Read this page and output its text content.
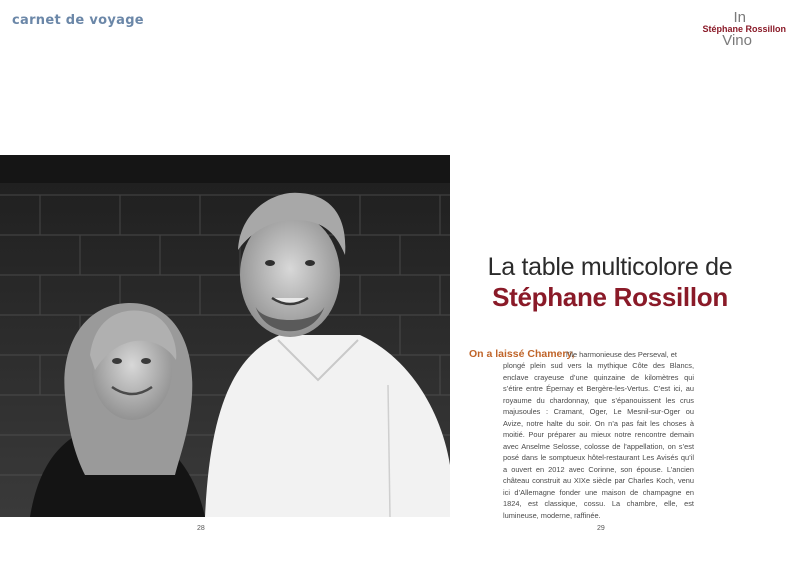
carnet de voyage	In
Stéphane Rossillon
Vino
28	29
La table multicolore de
Stéphane Rossillon
On a laissé Chamery,

l’île harmonieuse des Perseval, et

plongé plein sud vers la mythique Côte des Blancs, enclave crayeuse d’une quinzaine de kilomètres qui s’étire entre Épernay et Bergère-les-Vertus. C’est ici, au royaume du chardonnay, que s’épanouissent les crus majusoules : Cramant, Oger, Le Mesnil-sur-Oger ou Avize, notre halte du soir. On n’a pas fait les choses à moitié. Pour préparer au mieux notre rencontre demain avec Anselme Selosse, colosse de l’appellation, on s’est posé dans le somptueux hôtel-restaurant Les Avisés qu’il a ouvert en 2012 avec Corinne, son épouse. L’ancien château construit au XIXe siècle par Charles Koch, venu ici d’Allemagne fonder une maison de champagne en 1824, est classique, cossu. La chambre, elle, est lumineuse, moderne, raffinée.
